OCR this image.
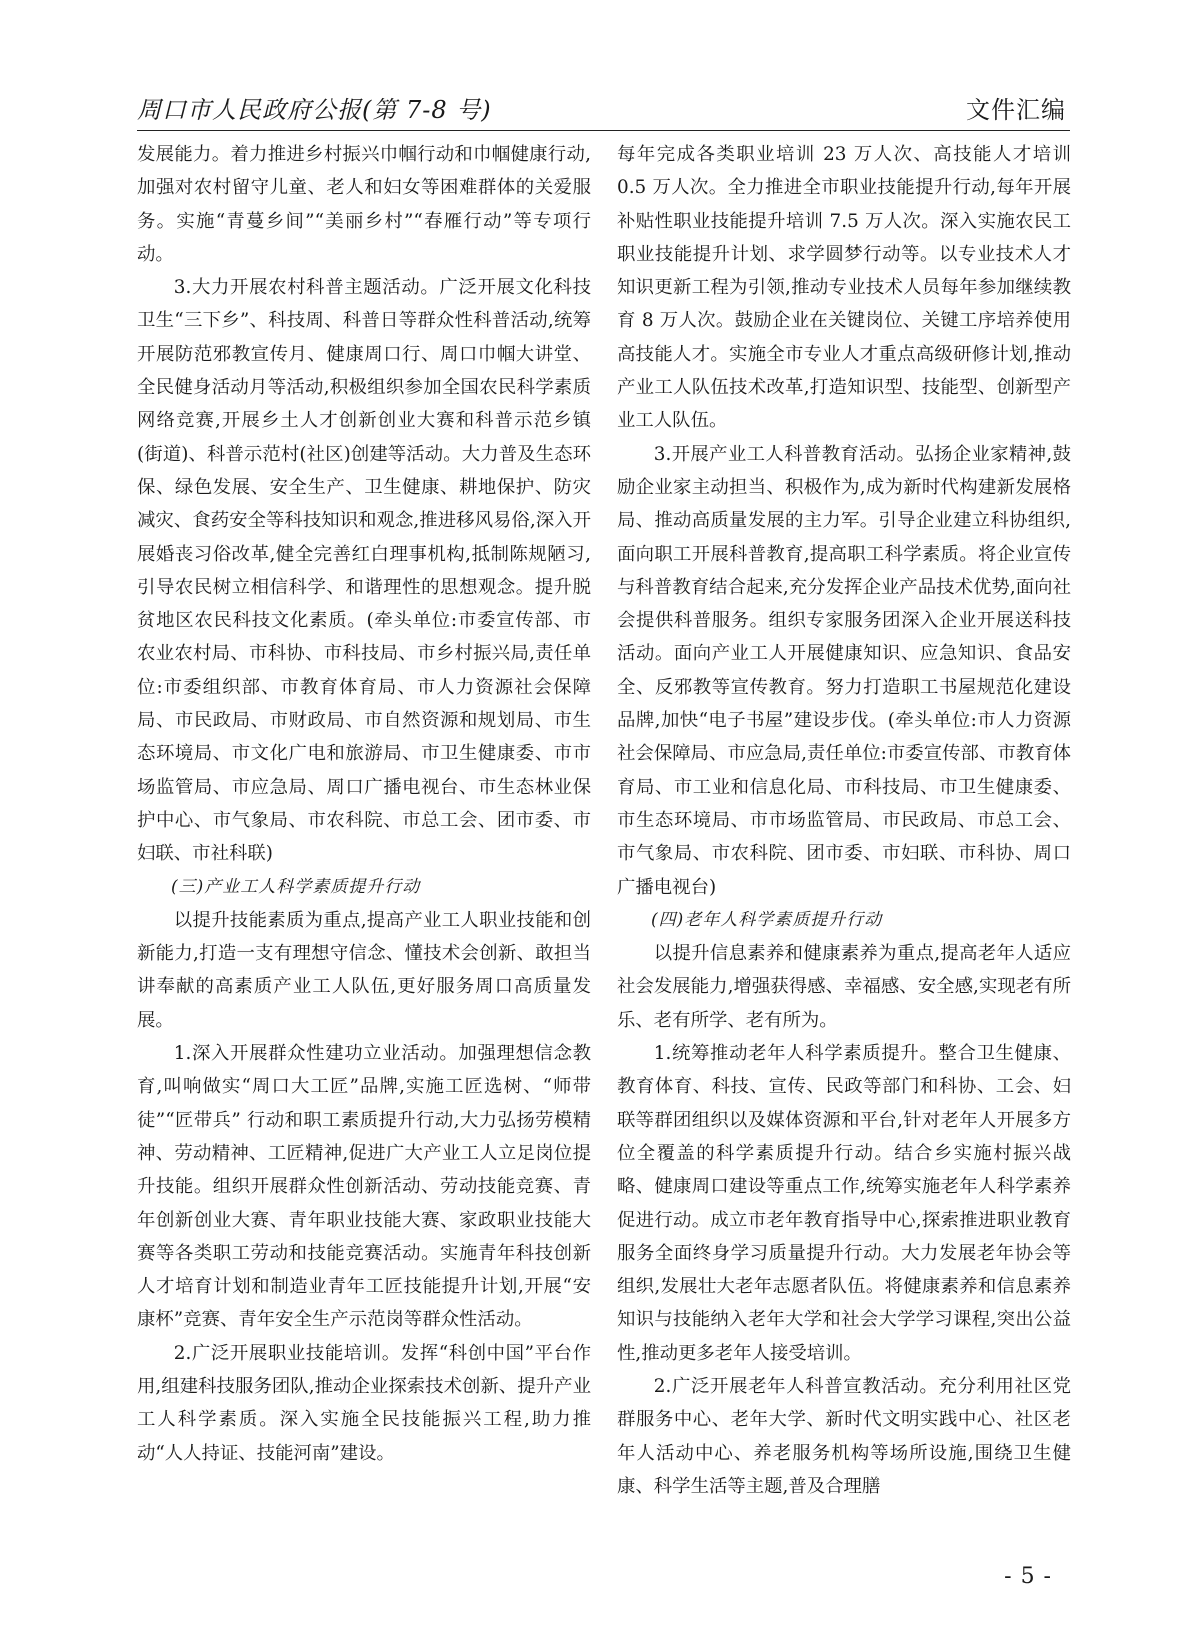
周口市人民政府公报(第 7-8 号)	文件汇编

发展能力。着力推进乡村振兴巾帼行动和巾帼健康行动,加强对农村留守儿童、老人和妇女等困难群体的关爱服务。实施“青蔓乡间”“美丽乡村”“春雁行动”等专项行动。

3.大力开展农村科普主题活动。广泛开展文化科技卫生“三下乡”、科技周、科普日等群众性科普活动,统筹开展防范邪教宣传月、健康周口行、周口巾帼大讲堂、全民健身活动月等活动,积极组织参加全国农民科学素质网络竞赛,开展乡土人才创新创业大赛和科普示范乡镇(街道)、科普示范村(社区)创建等活动。大力普及生态环保、绿色发展、安全生产、卫生健康、耕地保护、防灾减灾、食药安全等科技知识和观念,推进移风易俗,深入开展婚丧习俗改革,健全完善红白理事机构,抵制陈规陋习,引导农民树立相信科学、和谐理性的思想观念。提升脱贫地区农民科技文化素质。(牵头单位:市委宣传部、市农业农村局、市科协、市科技局、市乡村振兴局,责任单位:市委组织部、市教育体育局、市人力资源社会保障局、市民政局、市财政局、市自然资源和规划局、市生态环境局、市文化广电和旅游局、市卫生健康委、市市场监管局、市应急局、周口广播电视台、市生态林业保护中心、市气象局、市农科院、市总工会、团市委、市妇联、市社科联)

(三)产业工人科学素质提升行动

以提升技能素质为重点,提高产业工人职业技能和创新能力,打造一支有理想守信念、懂技术会创新、敢担当讲奉献的高素质产业工人队伍,更好服务周口高质量发展。

1.深入开展群众性建功立业活动。加强理想信念教育,叫响做实“周口大工匠”品牌,实施工匠选树、“师带徒”“匠带兵” 行动和职工素质提升行动,大力弘扬劳模精神、劳动精神、工匠精神,促进广大产业工人立足岗位提升技能。组织开展群众性创新活动、劳动技能竞赛、青年创新创业大赛、青年职业技能大赛、家政职业技能大赛等各类职工劳动和技能竞赛活动。实施青年科技创新人才培育计划和制造业青年工匠技能提升计划,开展“安康杯”竞赛、青年安全生产示范岗等群众性活动。

2.广泛开展职业技能培训。发挥“科创中国”平台作用,组建科技服务团队,推动企业探索技术创新、提升产业工人科学素质。深入实施全民技能振兴工程,助力推动“人人持证、技能河南”建设。

每年完成各类职业培训 23 万人次、高技能人才培训 0.5 万人次。全力推进全市职业技能提升行动,每年开展补贴性职业技能提升培训 7.5 万人次。深入实施农民工职业技能提升计划、求学圆梦行动等。以专业技术人才知识更新工程为引领,推动专业技术人员每年参加继续教育 8 万人次。鼓励企业在关键岗位、关键工序培养使用高技能人才。实施全市专业人才重点高级研修计划,推动产业工人队伍技术改革,打造知识型、技能型、创新型产业工人队伍。

3.开展产业工人科普教育活动。弘扬企业家精神,鼓励企业家主动担当、积极作为,成为新时代构建新发展格局、推动高质量发展的主力军。引导企业建立科协组织,面向职工开展科普教育,提高职工科学素质。将企业宣传与科普教育结合起来,充分发挥企业产品技术优势,面向社会提供科普服务。组织专家服务团深入企业开展送科技活动。面向产业工人开展健康知识、应急知识、食品安全、反邪教等宣传教育。努力打造职工书屋规范化建设品牌,加快“电子书屋”建设步伐。(牵头单位:市人力资源社会保障局、市应急局,责任单位:市委宣传部、市教育体育局、市工业和信息化局、市科技局、市卫生健康委、市生态环境局、市市场监管局、市民政局、市总工会、市气象局、市农科院、团市委、市妇联、市科协、周口广播电视台)

(四)老年人科学素质提升行动

以提升信息素养和健康素养为重点,提高老年人适应社会发展能力,增强获得感、幸福感、安全感,实现老有所乐、老有所学、老有所为。

1.统筹推动老年人科学素质提升。整合卫生健康、教育体育、科技、宣传、民政等部门和科协、工会、妇联等群团组织以及媒体资源和平台,针对老年人开展多方位全覆盖的科学素质提升行动。结合乡实施村振兴战略、健康周口建设等重点工作,统筹实施老年人科学素养促进行动。成立市老年教育指导中心,探索推进职业教育服务全面终身学习质量提升行动。大力发展老年协会等组织,发展壮大老年志愿者队伍。将健康素养和信息素养知识与技能纳入老年大学和社会大学学习课程,突出公益性,推动更多老年人接受培训。

2.广泛开展老年人科普宣教活动。充分利用社区党群服务中心、老年大学、新时代文明实践中心、社区老年人活动中心、养老服务机构等场所设施,围绕卫生健康、科学生活等主题,普及合理膳

- 5 -
